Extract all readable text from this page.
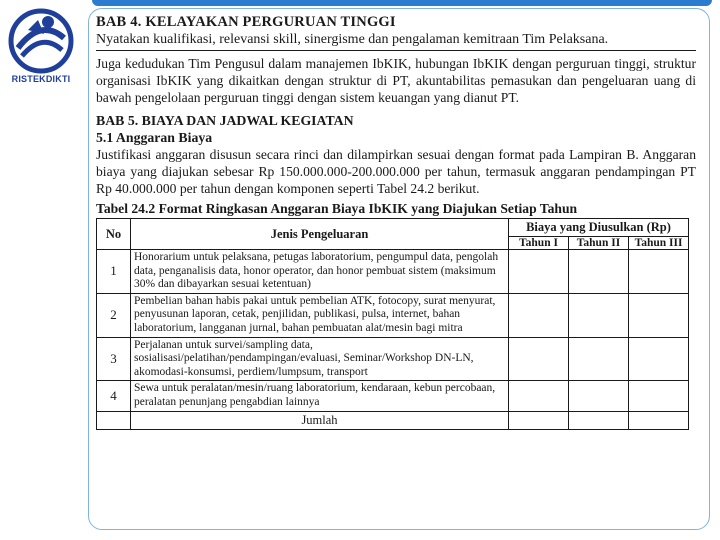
RISTEKDIKTI
BAB 4. KELAYAKAN PERGURUAN TINGGI
Nyatakan kualifikasi, relevansi skill, sinergisme dan pengalaman kemitraan Tim Pelaksana.
Juga kedudukan Tim Pengusul dalam manajemen IbKIK, hubungan IbKIK dengan perguruan tinggi, struktur organisasi IbKIK yang dikaitkan dengan struktur di PT, akuntabilitas pemasukan dan pengeluaran uang di bawah pengelolaan perguruan tinggi dengan sistem keuangan yang dianut PT.
BAB 5. BIAYA DAN JADWAL KEGIATAN
5.1 Anggaran Biaya
Justifikasi anggaran disusun secara rinci dan dilampirkan sesuai dengan format pada Lampiran B. Anggaran biaya yang diajukan sebesar Rp 150.000.000-200.000.000 per tahun, termasuk anggaran pendampingan PT Rp 40.000.000 per tahun dengan komponen seperti Tabel 24.2 berikut.
Tabel 24.2 Format Ringkasan Anggaran Biaya IbKIK yang Diajukan Setiap Tahun
No	Jenis Pengeluaran	Biaya yang Diusulkan (Rp)		
		Tahun I	Tahun II	Tahun III
1	Honorarium untuk pelaksana, petugas laboratorium, pengumpul data, pengolah data, penganalisis data, honor operator, dan honor pembuat sistem (maksimum 30% dan dibayarkan sesuai ketentuan)			
2	Pembelian bahan habis pakai untuk pembelian ATK, fotocopy, surat menyurat, penyusunan laporan, cetak, penjilidan, publikasi, pulsa, internet, bahan laboratorium, langganan jurnal, bahan pembuatan alat/mesin bagi mitra			
3	Perjalanan untuk survei/sampling data, sosialisasi/pelatihan/pendampingan/evaluasi, Seminar/Workshop DN-LN, akomodasi-konsumsi, perdiem/lumpsum, transport			
4	Sewa untuk peralatan/mesin/ruang laboratorium, kendaraan, kebun percobaan, peralatan penunjang pengabdian lainnya			
	Jumlah			
